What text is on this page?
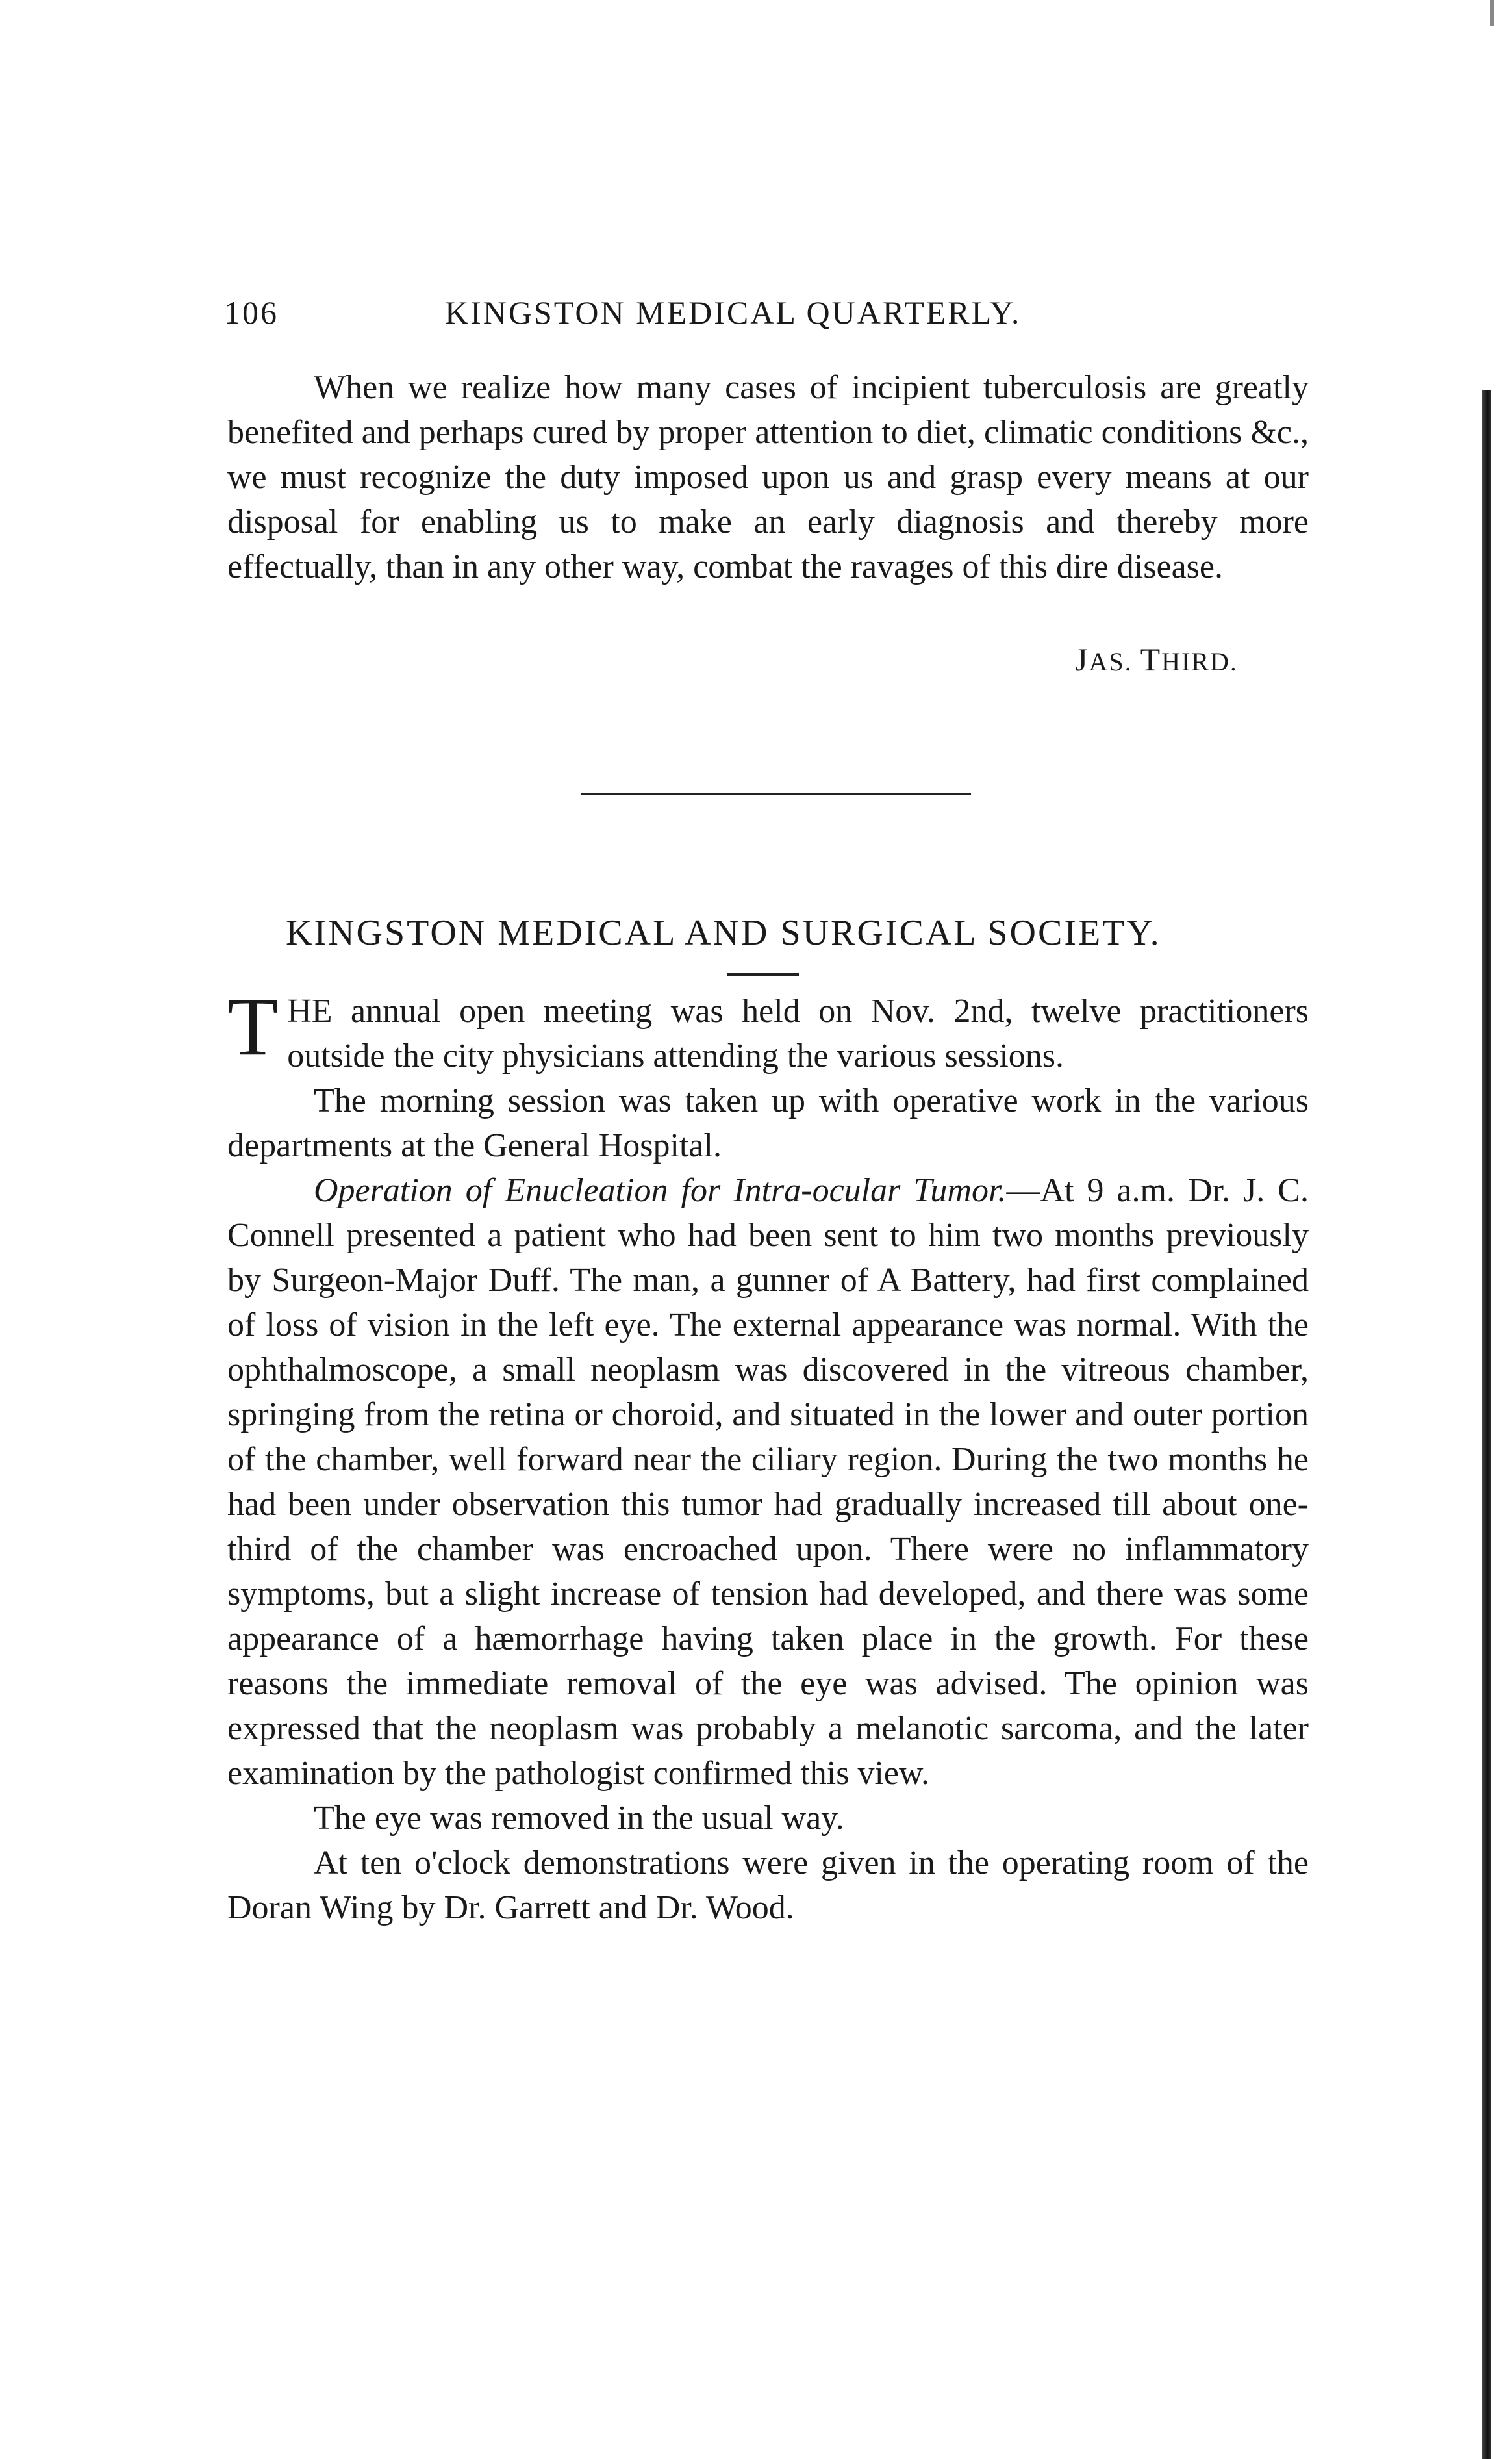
106	KINGSTON MEDICAL QUARTERLY.

When we realize how many cases of incipient tuberculosis are greatly benefited and perhaps cured by proper attention to diet, climatic conditions &c., we must recognize the duty imposed upon us and grasp every means at our disposal for enabling us to make an early diagnosis and thereby more effectually, than in any other way, combat the ravages of this dire disease.

JAS. THIRD.
KINGSTON MEDICAL AND SURGICAL SOCIETY.

THE annual open meeting was held on Nov. 2nd, twelve practitioners outside the city physicians attending the various sessions.

The morning session was taken up with operative work in the various departments at the General Hospital.

Operation of Enucleation for Intra-ocular Tumor.—At 9 a.m. Dr. J. C. Connell presented a patient who had been sent to him two months previously by Surgeon-Major Duff. The man, a gunner of A Battery, had first complained of loss of vision in the left eye. The external appearance was normal. With the ophthalmoscope, a small neoplasm was discovered in the vitreous chamber, springing from the retina or choroid, and situated in the lower and outer portion of the chamber, well forward near the ciliary region. During the two months he had been under observation this tumor had gradually increased till about one-third of the chamber was encroached upon. There were no inflammatory symptoms, but a slight increase of tension had developed, and there was some appearance of a hæmorrhage having taken place in the growth. For these reasons the immediate removal of the eye was advised. The opinion was expressed that the neoplasm was probably a melanotic sarcoma, and the later examination by the pathologist confirmed this view.

The eye was removed in the usual way.

At ten o'clock demonstrations were given in the operating room of the Doran Wing by Dr. Garrett and Dr. Wood.
